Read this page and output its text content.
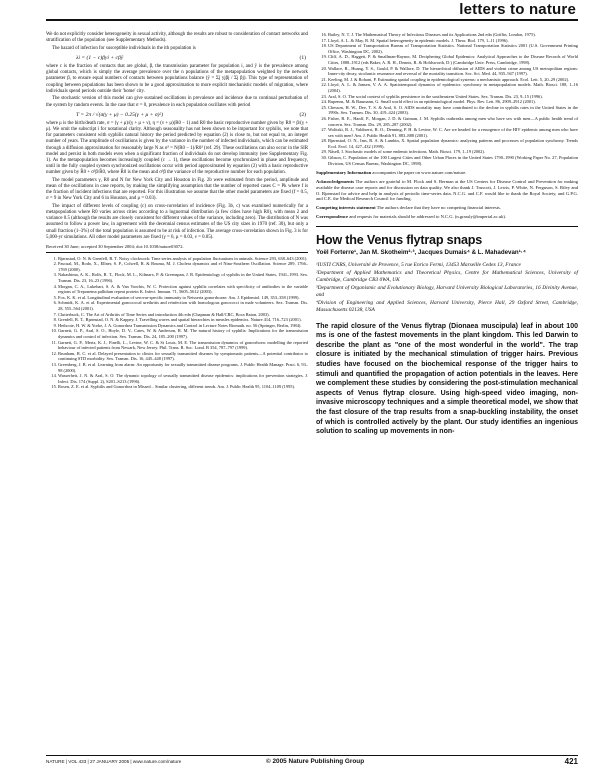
letters to nature

We do not explicitly consider heterogeneity in sexual activity, although the results are robust to consideration of contact networks and stratification of the population (see Supplementary Methods).

The hazard of infection for susceptible individuals in the ith population is

λi = (1 − c)βyi + cβȳ	(1)

where c is the fraction of contacts that are global, β, the transmission parameter for population i, and ȳ is the prevalence among global contacts, which is simply the average prevalence over the n populations of the metapopulation weighted by the network parameter β, to ensure equal numbers of contacts between populations balance (ȳ = Σj yjβj / Σj βj). This type of representation of coupling between populations has been shown to be a good approximation to more explicit mechanistic models of migration, where individuals spend periods outside their 'home' city.

The stochastic version of this model can give sustained oscillations in prevalence and incidence due to continual perturbation of the system by random events. In the case that σ = 0, prevalence in each population oscillates with period

T = 2π / √(σ(γ + μ) − 0.25(γ + μ + σ)²)	(2)

where μ is the birth/death rate, σ = (γ + μ)/(γ + μ + ν), η = (ν + μ)(R0 − 1) and R0 the basic reproductive number given by R0 = β/(γ + μ). We omit the subscript i for notational clarity. Although seasonality has not been shown to be important for syphilis, we note that for parameters consistent with syphilis natural history the period predicted by equation (2) is close to, but not equal to, an integer number of years. The amplitude of oscillations is given by the variance in the number of infected individuals, which can be estimated through a diffusion approximation for reasonably large N as σ² = N(R0 − 1)/R0² (ref. 29). These oscillations can also occur in the SIR model and persist in both models even when a significant fraction of individuals do not develop immunity (see Supplementary Fig. 1). As the metapopulation becomes increasingly coupled (c → 1), these oscillations become synchronized in phase and frequency, until in the fully coupled system synchronized oscillations occur with period approximated by equation (2) with a basic reproductive number given by R̄0 + σ²β/R̄0, where R̄0 is the mean and σ²β the variance of the reproductive number for each population.

The model parameters γ, R0 and N for New York City and Houston in Fig. 2b were estimated from the period, amplitude and mean of the oscillations in case reports, by making the simplifying assumption that the number of reported cases C = Pk where f is the fraction of incident infections that are reported. For this illustration we assume that the other model parameters are fixed (f = 0.5, σ = 9 in New York City and 6 in Houston, and μ = 0.03).

The impact of different levels of coupling (c) on cross-correlation of incidence (Fig. 3b, c) was examined numerically for a metapopulation where R0 varies across cities according to a lognormal distribution (a few cities have high R0), with mean 2 and variance 0.5 (although the results are closely consistent for different values of the variance, including zero). The distribution of N was assumed to follow a power law, in agreement with the decennial census estimates of the US city sizes in 1970 (ref. 30), but only a small fraction (1–3%) of the total population is assumed to be at risk of infection. The average cross-correlation shown in Fig. 3 is for 5,000-yr simulations. All other model parameters are fixed (γ = 6, μ = 0.03, ν = 0.05).

Received 30 June; accepted 30 September 2004; doi:10.1038/nature03072.

1. Bjørnstad, O. N. & Grenfell, B. T. Noisy clockwork: Time series analysis of population fluctuations in animals. Science 293, 638–643 (2001).
2. Pascual, M., Rodo, X., Ellner, S. P., Colwell, R. & Bouma, M. J. Cholera dynamics and el Nino-Southern Oscillation. Science 289, 1766–1769 (2000).
3. Nakashima, A. K., Rolfs, R. T., Flock, M. L., Kilmarx, P. & Greenspan, J. R. Epidemiology of syphilis in the United States, 1941–1993. Sex. Transm. Dis. 23, 16–23 (1996).
4. Morgan, C. A., Lukehart, S. A. & Van Voorhis, W. C. Protection against syphilis correlates with specificity of antibodies to the variable regions of Treponema pallidum repeat protein K. Infect. Immun. 71, 5605–5612 (2003).
5. Fox, K. K. et al. Longitudinal evaluation of serovar-specific immunity to Neisseria gonorrhoeae. Am. J. Epidemiol. 149, 353–358 (1999).
6. Schmidt, K. A. et al. Experimental gonococcal urethritis and reinfection with homologous gonococci in male volunteers. Sex. Transm. Dis. 28, 555–564 (2001).
7. Clutterbuck, C. The Art of Arthritis of Time Series and introduction 4th edn (Chapman & Hall/CRC, Boca Raton, 2003).
8. Grenfell, B. T., Bjørnstad, O. N. & Kappey, J. Travelling waves and spatial hierarchies in measles epidemics. Nature 414, 716–723 (2001).
9. Hethcote, H. W. & Yorke, J. A. Gonorrhea Transmission Dynamics and Control in Lecture Notes Biomath. no. 56 (Springer, Berlin, 1984).
10. Garnett, G. P., Aral, S. O., Hoyle, D. V., Cates, W. & Anderson, R. M. The natural history of syphilis: Implications for the transmission dynamics and control of infection. Sex. Transm. Dis. 24, 185–200 (1997).
11. Garnett, G. P., Mertz, K. J., Finelli, L., Levine, W. C. & St Louis, M. E. The transmission dynamics of gonorrhoea: modelling the reported behaviour of infected patients from Newark, New Jersey. Phil. Trans. R. Soc. Lond. B 354, 787–797 (1999).
12. Brunham, R. C. et al. Delayed presentation to clinics for sexually transmitted diseases by symptomatic patients—A potential contributor to continuing STD morbidity. Sex. Transm. Dis. 16, 445–448 (1997).
13. Greenberg, J. B. et al. Learning from alarm: An opportunity for sexually transmitted disease programs. J. Public Health Manage. Pract. 6, 93–98 (2000).
14. Wasserheit, J. N. & Aral, S. O. The dynamic topology of sexually transmitted disease epidemics: implications for prevention strategies. J. Infect. Dis. 174 (Suppl. 2), S201–S213 (1996).
15. Rosen, Z. E. et al. Syphilis and Gonorrhea in Missed... Similar clustering, different trends. Am. J. Public Health 95, 1104–1109 (1995).
16. Bailey, N. T. J. The Mathematical Theory of Infectious Diseases and its Applications 2nd edn (Griffin, London, 1975).
17. Lloyd, A. L. & May, R. M. Spatial heterogeneity in epidemic models. J. Theor. Biol. 179, 1–11 (1996).
18. US Department of Transportation Bureau of Transportation Statistics. National Transportation Statistics 2001 (U.S. Government Printing Office, Washington DC, 2002).
19. Cliff, A. D., Haggett, P. & Smallman-Raynor, M. Deciphering Global Epidemics: Analytical Approaches to the Disease Records of World Cities, 1888–1912 (eds Baker, A. R. H., Dennis, R. & Holdsworth, D.) (Cambridge Univ. Press, Cambridge, 1998).
20. Wallace, R., Huang, Y. S., Gould, P. & Wallace, D. The hierarchical diffusion of AIDS and violent crime among US metropolitan regions: Inner-city decay, stochastic resonance and reversal of the mortality transition. Soc. Sci. Med. 44, 935–947 (1997).
21. Keeling, M. J. & Rohani, P. Estimating spatial coupling in epidemiological systems: a mechanistic approach. Ecol. Lett. 5, 20–29 (2002).
22. Lloyd, A. L. & Jansen, V. A. A. Spatiotemporal dynamics of epidemics: synchrony in metapopulation models. Math. Biosci. 188, 1–16 (2004).
23. Aral, S. O. The social context of syphilis persistence in the southeastern United States. Sex. Transm. Dis. 23, 9–15 (1996).
24. Rupenns, M. & Baumann, G. Small world effect in an epidemiological model. Phys. Rev. Lett. 86, 2909–2912 (2001).
25. Chesson, H. W., Dee, T. S. & Aral, S. O. AIDS mortality may have contributed to the decline in syphilis rates in the United States in the 1990s. Sex. Transm. Dis. 30, 419–424 (2003).
26. Fisher, R. E., Hanff, P., Morgan, J. D. & Gutman, J. M. Syphilis outbreaks among men who have sex with men—A public health trend of concern. Sex. Transm. Dis. 29, 285–287 (2002).
27. Wolitski, R. J., Valdiserri, R. O., Denning, P. H. & Levine, W. C. Are we headed for a resurgence of the HIV epidemic among men who have sex with men? Am. J. Public Health 91, 883–888 (2001).
28. Bjørnstad, O. N., Ims, R. A. & Lambin, X. Spatial population dynamics: analyzing patterns and processes of population synchrony. Trends Ecol. Evol. 14, 427–432 (1999).
29. Nåsell, I. Stochastic models of some endemic infections. Math. Biosci. 179, 1–19 (2002).
30. Gibson, C. Population of the 100 Largest Cities and Other Urban Places in the United States 1790–1990 (Working Paper No. 27, Population Division, US Census Bureau, Washington DC, 1998).

Supplementary Information accompanies the paper on www.nature.com/nature.

Acknowledgements The authors are grateful to M. Flock and S. Berman at the US Centers for Disease Control and Prevention for making available the disease case reports and for discussion on data quality. We also thank J. Truscott, J. Lewis, P. White, N. Ferguson, S. Riley and O. Bjørnstad for advice and help in analysis of periodic time-series data. N.C.G. and C.F. would like to thank the Royal Society, and G.P.G. and C.E. the Medical Research Council for funding.

Competing interests statement The authors declare that they have no competing financial interests.

Correspondence and requests for materials should be addressed to N.C.G. (n.grassly@imperial.ac.uk).

How the Venus flytrap snaps
Yoël Forterre¹, Jan M. Skotheim²·³, Jacques Dumais⁴ & L. Mahadevan¹·⁴

¹IUSTI CNRS, Université de Provence, 5 rue Enrico Fermi, 13453 Marseille Cedex 13, France

²Department of Applied Mathematics and Theoretical Physics, Centre for Mathematical Sciences, University of Cambridge, Cambridge CB3 0WA, UK

³Department of Organismic and Evolutionary Biology, Harvard University Biological Laboratories, 16 Divinity Avenue, and

⁴Division of Engineering and Applied Sciences, Harvard University, Pierce Hall, 29 Oxford Street, Cambridge, Massachusetts 02138, USA

The rapid closure of the Venus flytrap (Dionaea muscipula) leaf in about 100 ms is one of the fastest movements in the plant kingdom. This led Darwin to describe the plant as "one of the most wonderful in the world". The trap closure is initiated by the mechanical stimulation of trigger hairs. Previous studies have focused on the biochemical response of the trigger hairs to stimuli and quantified the propagation of action potentials in the leaves. Here we complement these studies by considering the post-stimulation mechanical aspects of Venus flytrap closure. Using high-speed video imaging, non-invasive microscopy techniques and a simple theoretical model, we show that the fast closure of the trap results from a snap-buckling instability, the onset of which is controlled actively by the plant. Our study identifies an ingenious solution to scaling up movements in non-

NATURE | VOL 433 | 27 JANUARY 2005 | www.nature.com/nature	© 2005 Nature Publishing Group	421
